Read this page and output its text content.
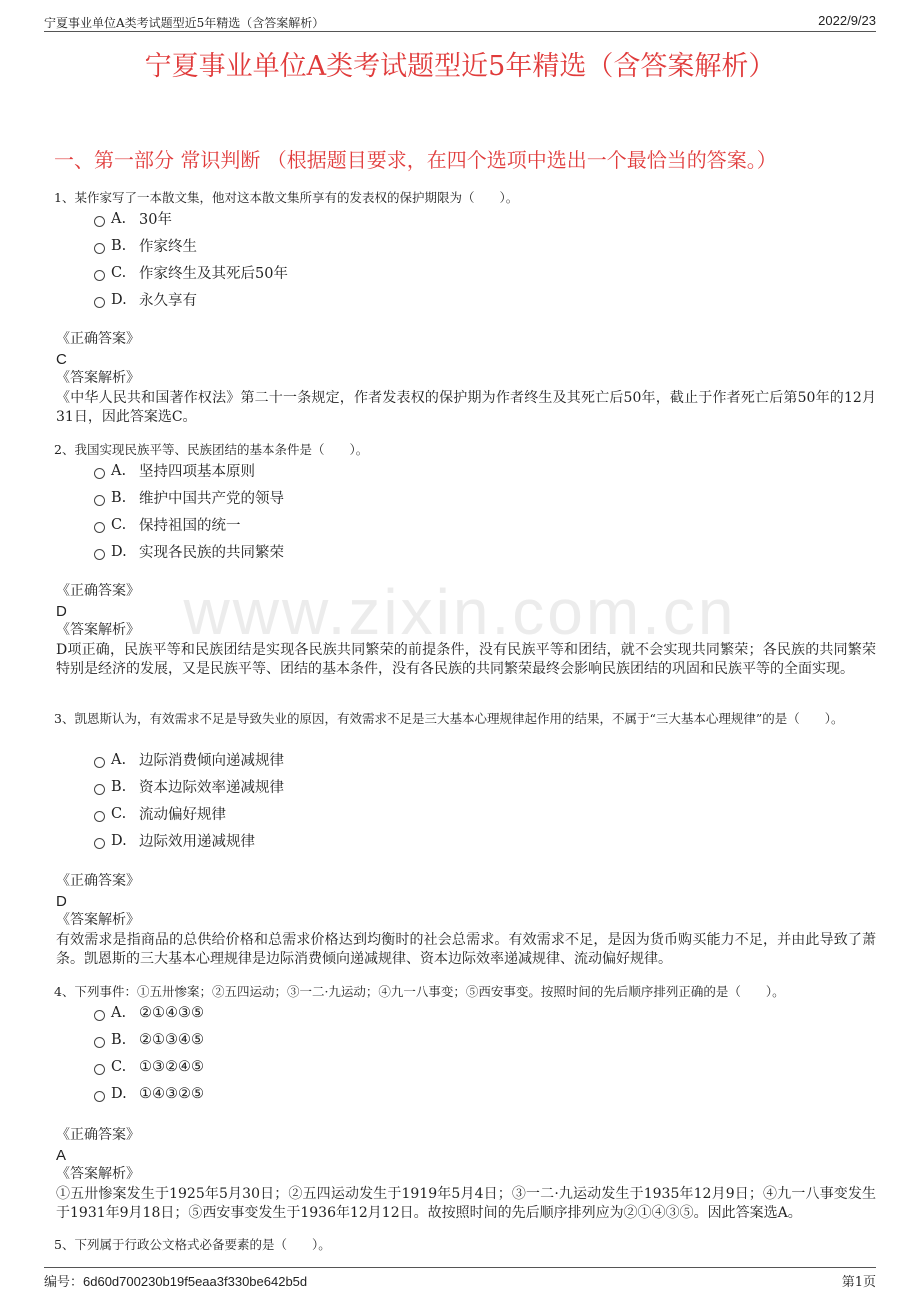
宁夏事业单位A类考试题型近5年精选（含答案解析）	2022/9/23
www.zixin.com.cn
宁夏事业单位A类考试题型近5年精选（含答案解析）
一、第一部分 常识判断 （根据题目要求，在四个选项中选出一个最恰当的答案。）
1、某作家写了一本散文集，他对这本散文集所享有的发表权的保护期限为（　　）。
A. 30年
B. 作家终生
C. 作家终生及其死后50年
D. 永久享有
《正确答案》
C
《答案解析》
《中华人民共和国著作权法》第二十一条规定，作者发表权的保护期为作者终生及其死亡后50年，截止于作者死亡后第50年的12月31日，因此答案选C。
2、我国实现民族平等、民族团结的基本条件是（　　）。
A. 坚持四项基本原则
B. 维护中国共产党的领导
C. 保持祖国的统一
D. 实现各民族的共同繁荣
《正确答案》
D
《答案解析》
D项正确，民族平等和民族团结是实现各民族共同繁荣的前提条件，没有民族平等和团结，就不会实现共同繁荣；各民族的共同繁荣特别是经济的发展，又是民族平等、团结的基本条件，没有各民族的共同繁荣最终会影响民族团结的巩固和民族平等的全面实现。
3、凯恩斯认为，有效需求不足是导致失业的原因，有效需求不足是三大基本心理规律起作用的结果，不属于“三大基本心理规律”的是（　　）。
A. 边际消费倾向递减规律
B. 资本边际效率递减规律
C. 流动偏好规律
D. 边际效用递减规律
《正确答案》
D
《答案解析》
有效需求是指商品的总供给价格和总需求价格达到均衡时的社会总需求。有效需求不足，是因为货币购买能力不足，并由此导致了萧条。凯恩斯的三大基本心理规律是边际消费倾向递减规律、资本边际效率递减规律、流动偏好规律。
4、下列事件：①五卅惨案；②五四运动；③一二·九运动；④九一八事变；⑤西安事变。按照时间的先后顺序排列正确的是（　　）。
A. ②①④③⑤
B. ②①③④⑤
C. ①③②④⑤
D. ①④③②⑤
《正确答案》
A
《答案解析》
①五卅惨案发生于1925年5月30日；②五四运动发生于1919年5月4日；③一二·九运动发生于1935年12月9日；④九一八事变发生于1931年9月18日；⑤西安事变发生于1936年12月12日。故按照时间的先后顺序排列应为②①④③⑤。因此答案选A。
5、下列属于行政公文格式必备要素的是（　　）。
编号：6d60d700230b19f5eaa3f330be642b5d	第1页
